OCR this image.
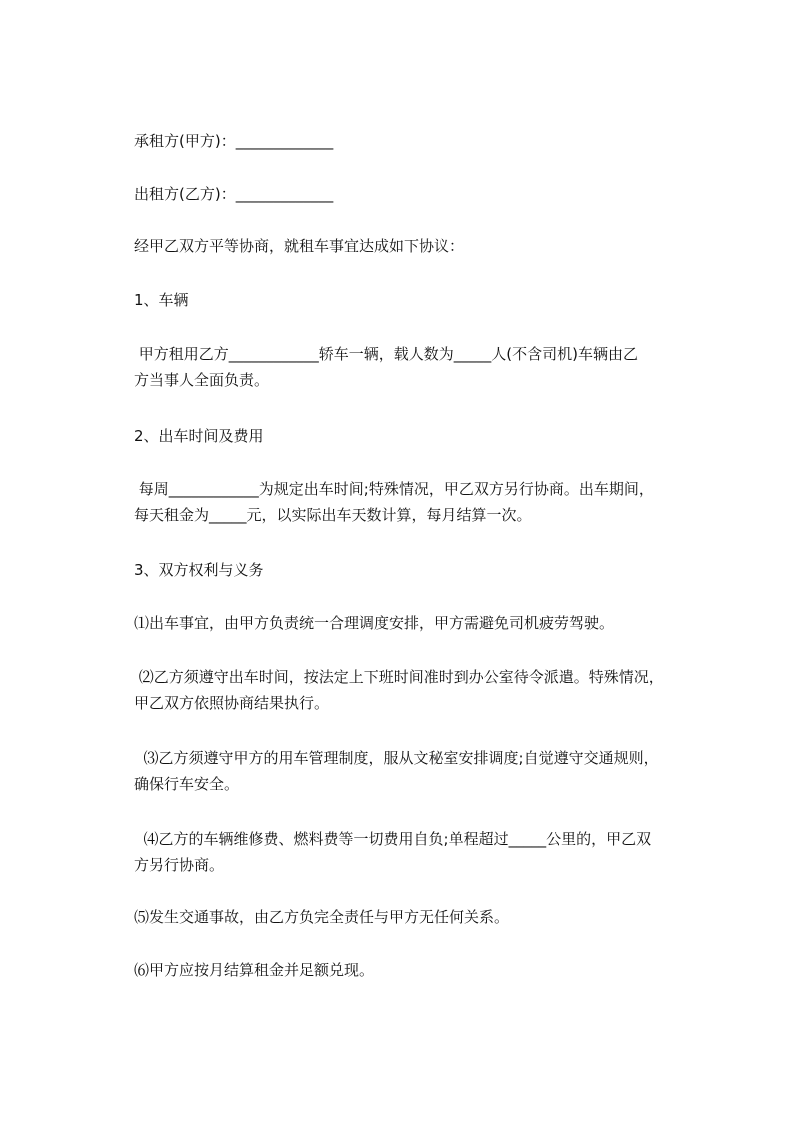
承租方(甲方)：_____________

出租方(乙方)：_____________

经甲乙双方平等协商，就租车事宜达成如下协议：

1、车辆

甲方租用乙方____________轿车一辆，载人数为_____人(不含司机)车辆由乙

方当事人全面负责。

2、出车时间及费用

每周____________为规定出车时间;特殊情况，甲乙双方另行协商。出车期间，

每天租金为_____元，以实际出车天数计算，每月结算一次。

3、双方权利与义务

⑴出车事宜，由甲方负责统一合理调度安排，甲方需避免司机疲劳驾驶。

⑵乙方须遵守出车时间，按法定上下班时间准时到办公室待令派遣。特殊情况，

甲乙双方依照协商结果执行。

⑶乙方须遵守甲方的用车管理制度，服从文秘室安排调度;自觉遵守交通规则，

确保行车安全。

⑷乙方的车辆维修费、燃料费等一切费用自负;单程超过_____公里的，甲乙双

方另行协商。

⑸发生交通事故，由乙方负完全责任与甲方无任何关系。

⑹甲方应按月结算租金并足额兑现。
